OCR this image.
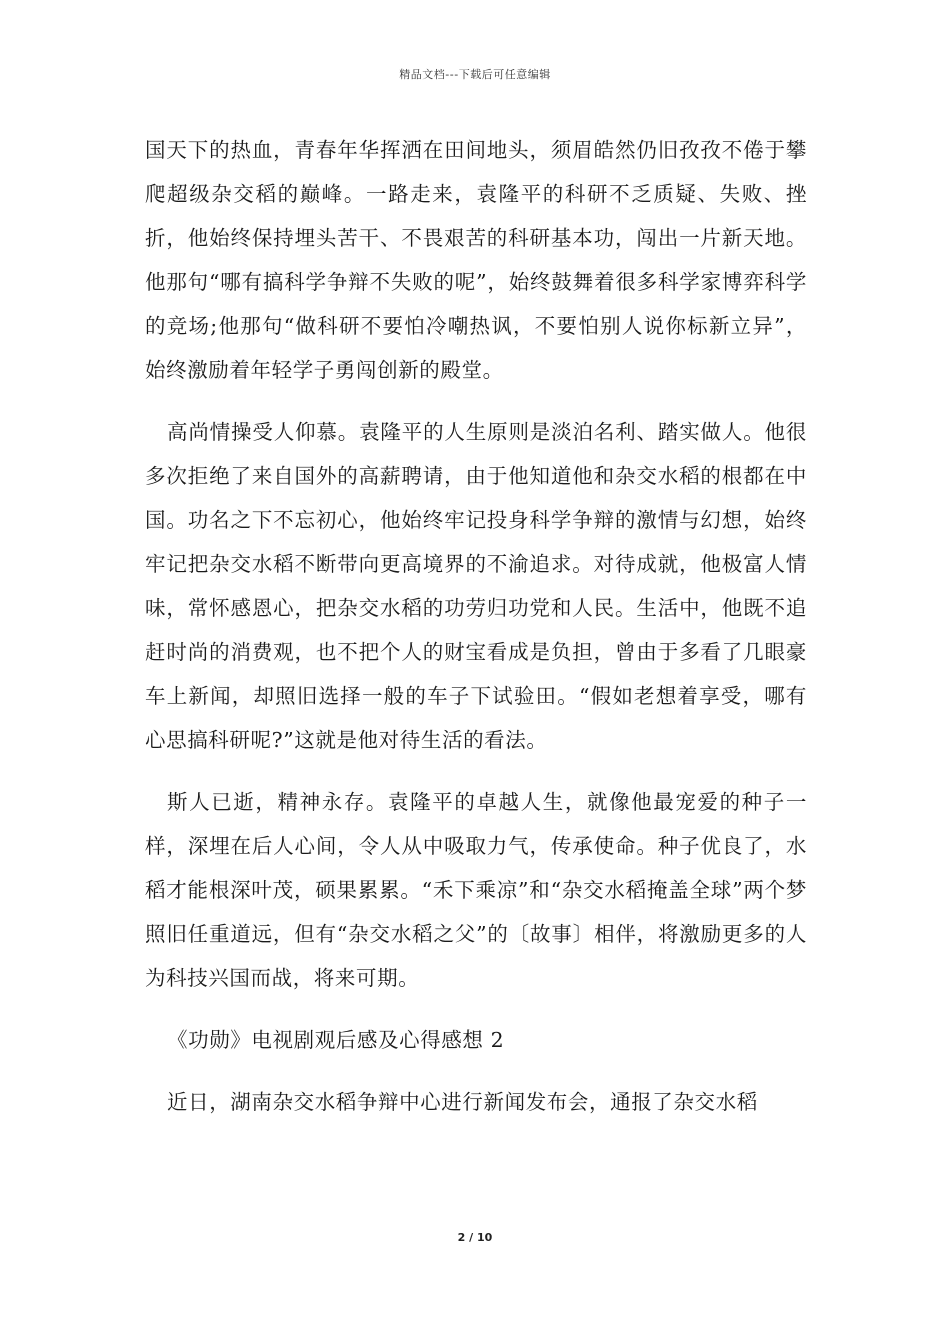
精品文档---下载后可任意编辑

国天下的热血，青春年华挥洒在田间地头，须眉皓然仍旧孜孜不倦于攀爬超级杂交稻的巅峰。一路走来，袁隆平的科研不乏质疑、失败、挫折，他始终保持埋头苦干、不畏艰苦的科研基本功，闯出一片新天地。他那句“哪有搞科学争辩不失败的呢”，始终鼓舞着很多科学家博弈科学的竞场;他那句“做科研不要怕冷嘲热讽，不要怕别人说你标新立异”，始终激励着年轻学子勇闯创新的殿堂。

高尚情操受人仰慕。袁隆平的人生原则是淡泊名利、踏实做人。他很多次拒绝了来自国外的高薪聘请，由于他知道他和杂交水稻的根都在中国。功名之下不忘初心，他始终牢记投身科学争辩的激情与幻想，始终牢记把杂交水稻不断带向更高境界的不渝追求。对待成就，他极富人情味，常怀感恩心，把杂交水稻的功劳归功党和人民。生活中，他既不追赶时尚的消费观，也不把个人的财宝看成是负担，曾由于多看了几眼豪车上新闻，却照旧选择一般的车子下试验田。“假如老想着享受，哪有心思搞科研呢?”这就是他对待生活的看法。

斯人已逝，精神永存。袁隆平的卓越人生，就像他最宠爱的种子一样，深埋在后人心间，令人从中吸取力气，传承使命。种子优良了，水稻才能根深叶茂，硕果累累。“禾下乘凉”和“杂交水稻掩盖全球”两个梦照旧任重道远，但有“杂交水稻之父”的〔故事〕相伴，将激励更多的人为科技兴国而战，将来可期。

《功勋》电视剧观后感及心得感想 2

近日，湖南杂交水稻争辩中心进行新闻发布会，通报了杂交水稻

2 / 10
